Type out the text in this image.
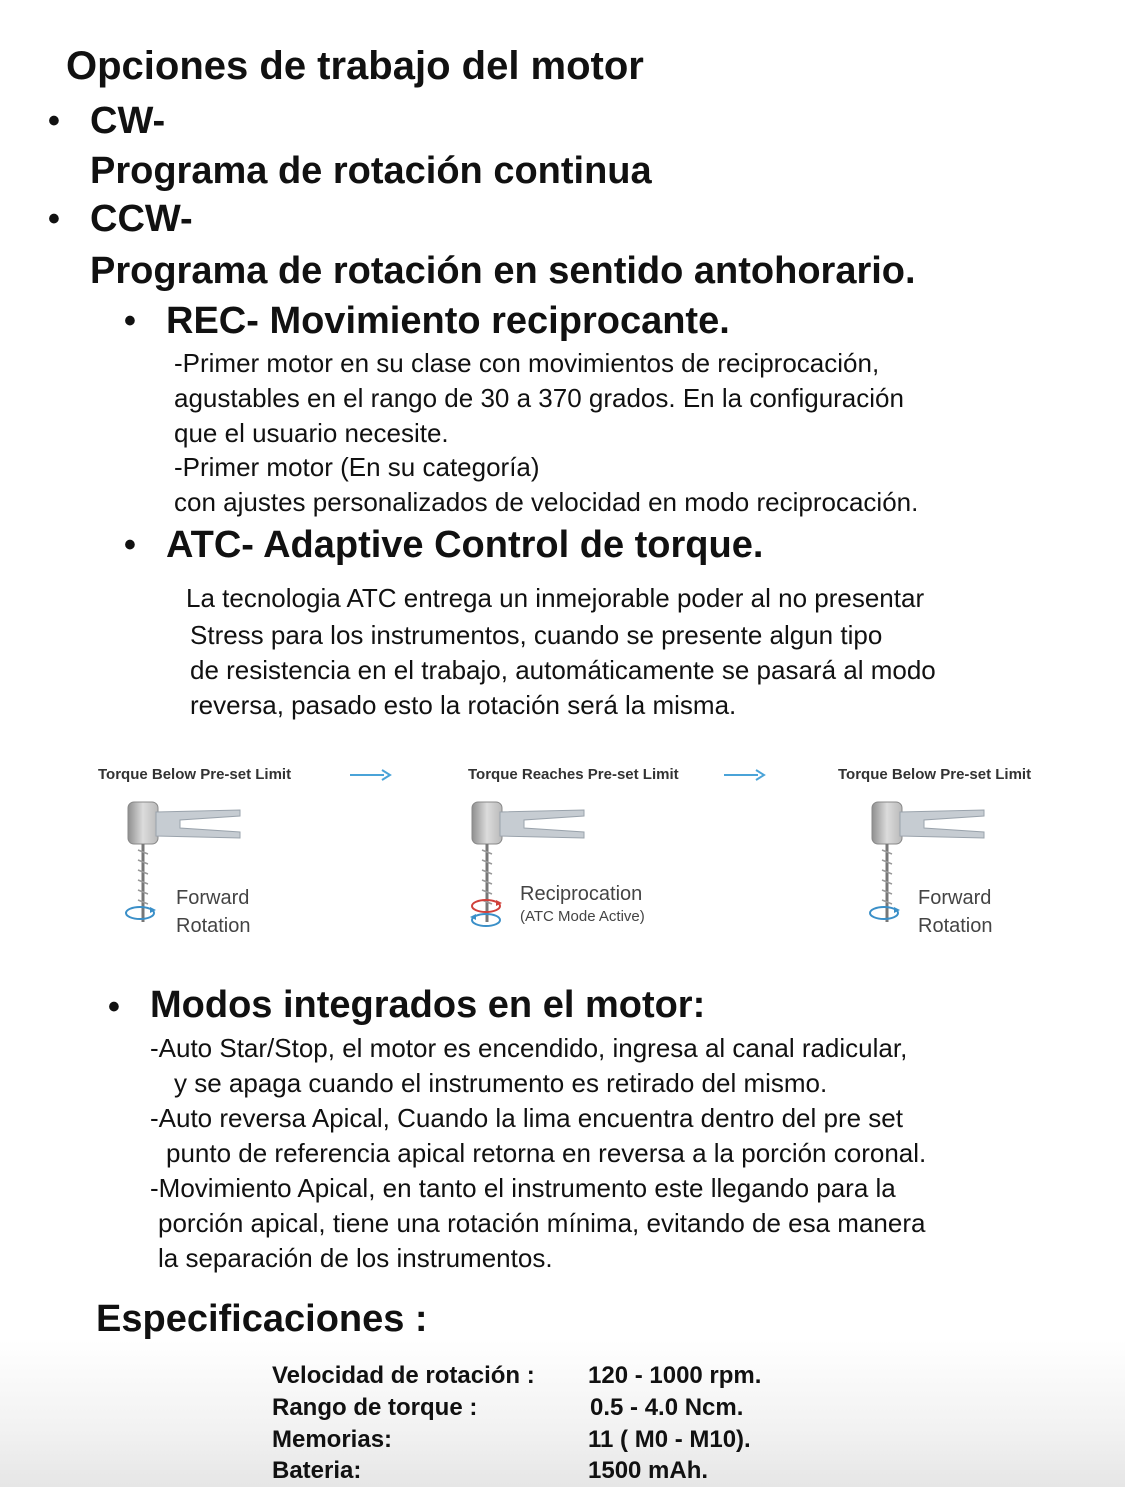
Opciones de trabajo del motor
• CW-
Programa de rotación continua
• CCW-
Programa de rotación en sentido antohorario.
• REC- Movimiento reciprocante.
-Primer motor en su clase con movimientos de reciprocación,
agustables en el rango de 30 a 370 grados. En la configuración
que el usuario necesite.
-Primer motor (En su categoría)
con ajustes personalizados de velocidad en modo reciprocación.
• ATC- Adaptive Control de torque.
La tecnologia ATC entrega un inmejorable poder al no presentar
Stress para los instrumentos, cuando se presente algun tipo
de resistencia en el trabajo, automáticamente se pasará al modo
reversa, pasado esto la rotación será la misma.
Torque Below Pre-set Limit
Forward
Rotation
Torque Reaches Pre-set Limit
Reciprocation
(ATC Mode Active)
Torque Below Pre-set Limit
Forward
Rotation
• Modos integrados en el motor:
-Auto Star/Stop, el motor es encendido, ingresa al canal radicular,
y se apaga cuando el instrumento es retirado del mismo.
-Auto reversa Apical, Cuando la lima encuentra dentro del pre set
punto de referencia apical retorna en reversa a la porción coronal.
-Movimiento Apical, en tanto el instrumento este llegando para la
porción apical, tiene una rotación mínima, evitando de esa manera
la separación de los instrumentos.
Especificaciones :
Velocidad de rotación : 120 - 1000 rpm.
Rango de torque :	0.5 - 4.0 Ncm.
Memorias:	11 ( M0 - M10).
Bateria:	1500 mAh.
